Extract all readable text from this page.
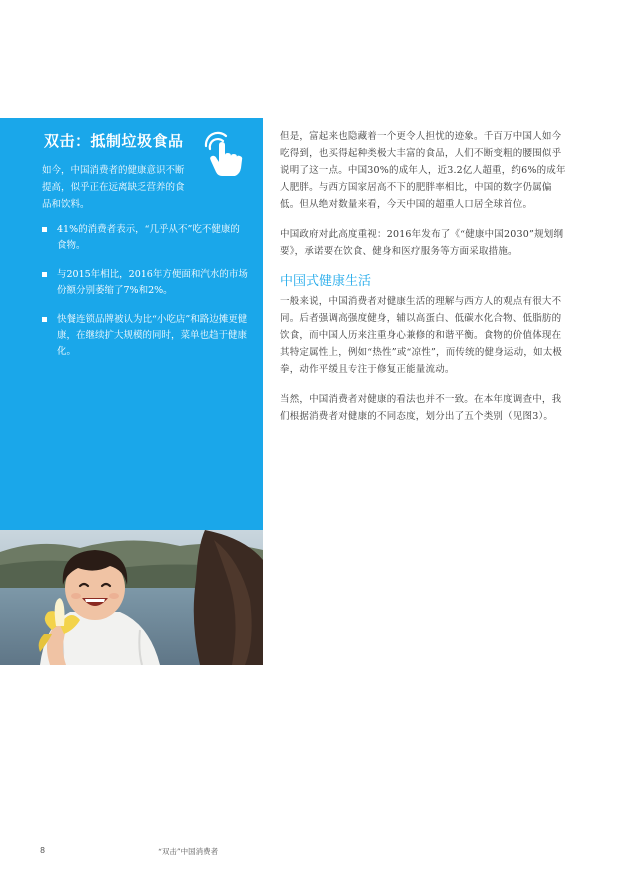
双击：抵制垃圾食品
如今，中国消费者的健康意识不断提高，似乎正在远离缺乏营养的食品和饮料。
41%的消费者表示，“几乎从不”吃不健康的食物。
与2015年相比，2016年方便面和汽水的市场份额分别萎缩了7%和2%。
快餐连锁品牌被认为比“小吃店”和路边摊更健康，在继续扩大规模的同时，菜单也趋于健康化。

但是，富起来也隐藏着一个更令人担忧的迹象。千百万中国人如今吃得到，也买得起种类极大丰富的食品，人们不断变粗的腰围似乎说明了这一点。中国30%的成年人，近3.2亿人超重，约6%的成年人肥胖。与西方国家居高不下的肥胖率相比，中国的数字仍属偏低。但从绝对数量来看，今天中国的超重人口居全球首位。

中国政府对此高度重视：2016年发布了《“健康中国2030”规划纲要》，承诺要在饮食、健身和医疗服务等方面采取措施。

中国式健康生活

一般来说，中国消费者对健康生活的理解与西方人的观点有很大不同。后者强调高强度健身，辅以高蛋白、低碳水化合物、低脂肪的饮食，而中国人历来注重身心兼修的和谐平衡。食物的价值体现在其特定属性上，例如“热性”或“凉性”，而传统的健身运动，如太极拳，动作平缓且专注于修复正能量流动。

当然，中国消费者对健康的看法也并不一致。在本年度调查中，我们根据消费者对健康的不同态度，划分出了五个类别（见图3）。

8	“双击”中国消费者
